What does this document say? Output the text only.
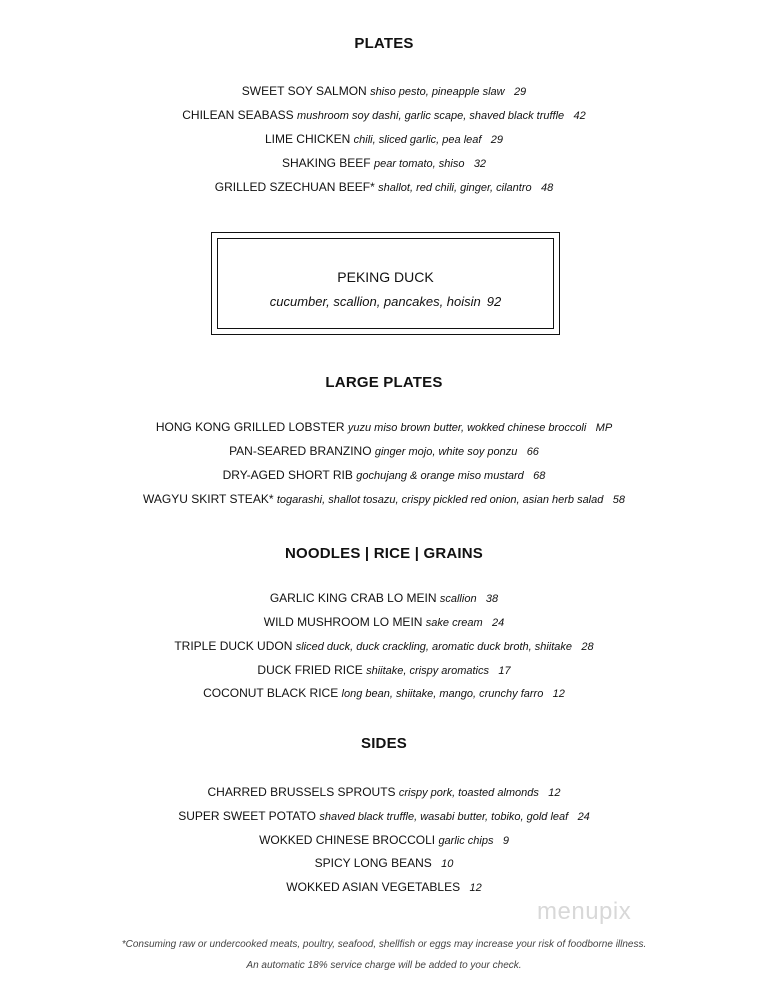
PLATES
SWEET SOY SALMON shiso pesto, pineapple slaw 29
CHILEAN SEABASS mushroom soy dashi, garlic scape, shaved black truffle 42
LIME CHICKEN chili, sliced garlic, pea leaf 29
SHAKING BEEF pear tomato, shiso 32
GRILLED SZECHUAN BEEF* shallot, red chili, ginger, cilantro 48
PEKING DUCK
cucumber, scallion, pancakes, hoisin 92
LARGE PLATES
HONG KONG GRILLED LOBSTER yuzu miso brown butter, wokked chinese broccoli MP
PAN-SEARED BRANZINO ginger mojo, white soy ponzu 66
DRY-AGED SHORT RIB gochujang & orange miso mustard 68
WAGYU SKIRT STEAK* togarashi, shallot tosazu, crispy pickled red onion, asian herb salad 58
NOODLES | RICE | GRAINS
GARLIC KING CRAB LO MEIN scallion 38
WILD MUSHROOM LO MEIN sake cream 24
TRIPLE DUCK UDON sliced duck, duck crackling, aromatic duck broth, shiitake 28
DUCK FRIED RICE shiitake, crispy aromatics 17
COCONUT BLACK RICE long bean, shiitake, mango, crunchy farro 12
SIDES
CHARRED BRUSSELS SPROUTS crispy pork, toasted almonds 12
SUPER SWEET POTATO shaved black truffle, wasabi butter, tobiko, gold leaf 24
WOKKED CHINESE BROCCOLI garlic chips 9
SPICY LONG BEANS 10
WOKKED ASIAN VEGETABLES 12
menupix
*Consuming raw or undercooked meats, poultry, seafood, shellfish or eggs may increase your risk of foodborne illness.
An automatic 18% service charge will be added to your check.
